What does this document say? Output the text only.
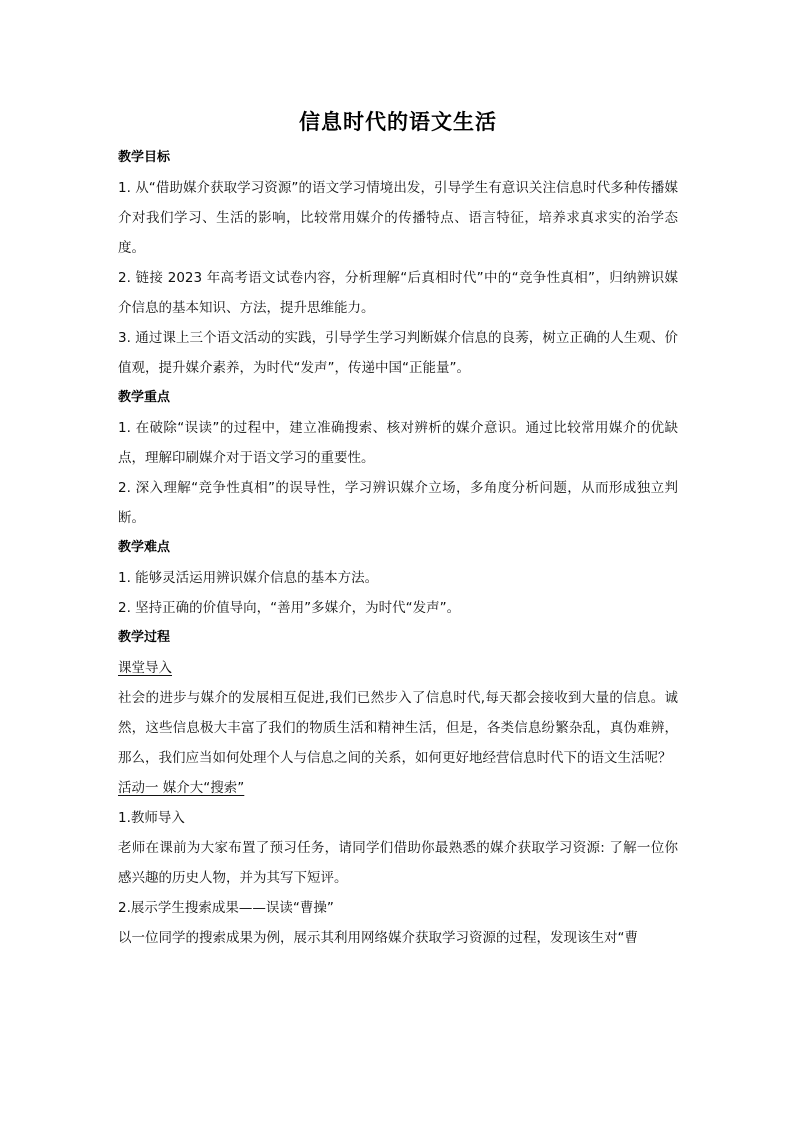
信息时代的语文生活

教学目标

1. 从“借助媒介获取学习资源”的语文学习情境出发，引导学生有意识关注信息时代多种传播媒介对我们学习、生活的影响，比较常用媒介的传播特点、语言特征，培养求真求实的治学态度。

2. 链接 2023 年高考语文试卷内容，分析理解“后真相时代”中的“竞争性真相”，归纳辨识媒介信息的基本知识、方法，提升思维能力。

3. 通过课上三个语文活动的实践，引导学生学习判断媒介信息的良莠，树立正确的人生观、价值观，提升媒介素养，为时代“发声”，传递中国“正能量”。

教学重点

1. 在破除“误读”的过程中，建立准确搜索、核对辨析的媒介意识。通过比较常用媒介的优缺点，理解印刷媒介对于语文学习的重要性。

2. 深入理解“竞争性真相”的误导性，学习辨识媒介立场，多角度分析问题，从而形成独立判断。

教学难点

1. 能够灵活运用辨识媒介信息的基本方法。

2. 坚持正确的价值导向，“善用”多媒介，为时代“发声”。

教学过程

课堂导入

社会的进步与媒介的发展相互促进,我们已然步入了信息时代,每天都会接收到大量的信息。诚然，这些信息极大丰富了我们的物质生活和精神生活，但是，各类信息纷繁杂乱，真伪难辨，那么，我们应当如何处理个人与信息之间的关系，如何更好地经营信息时代下的语文生活呢？

活动一 媒介大“搜索”

1.教师导入

老师在课前为大家布置了预习任务，请同学们借助你最熟悉的媒介获取学习资源: 了解一位你感兴趣的历史人物，并为其写下短评。

2.展示学生搜索成果——误读“曹操”

以一位同学的搜索成果为例，展示其利用网络媒介获取学习资源的过程，发现该生对“曹
